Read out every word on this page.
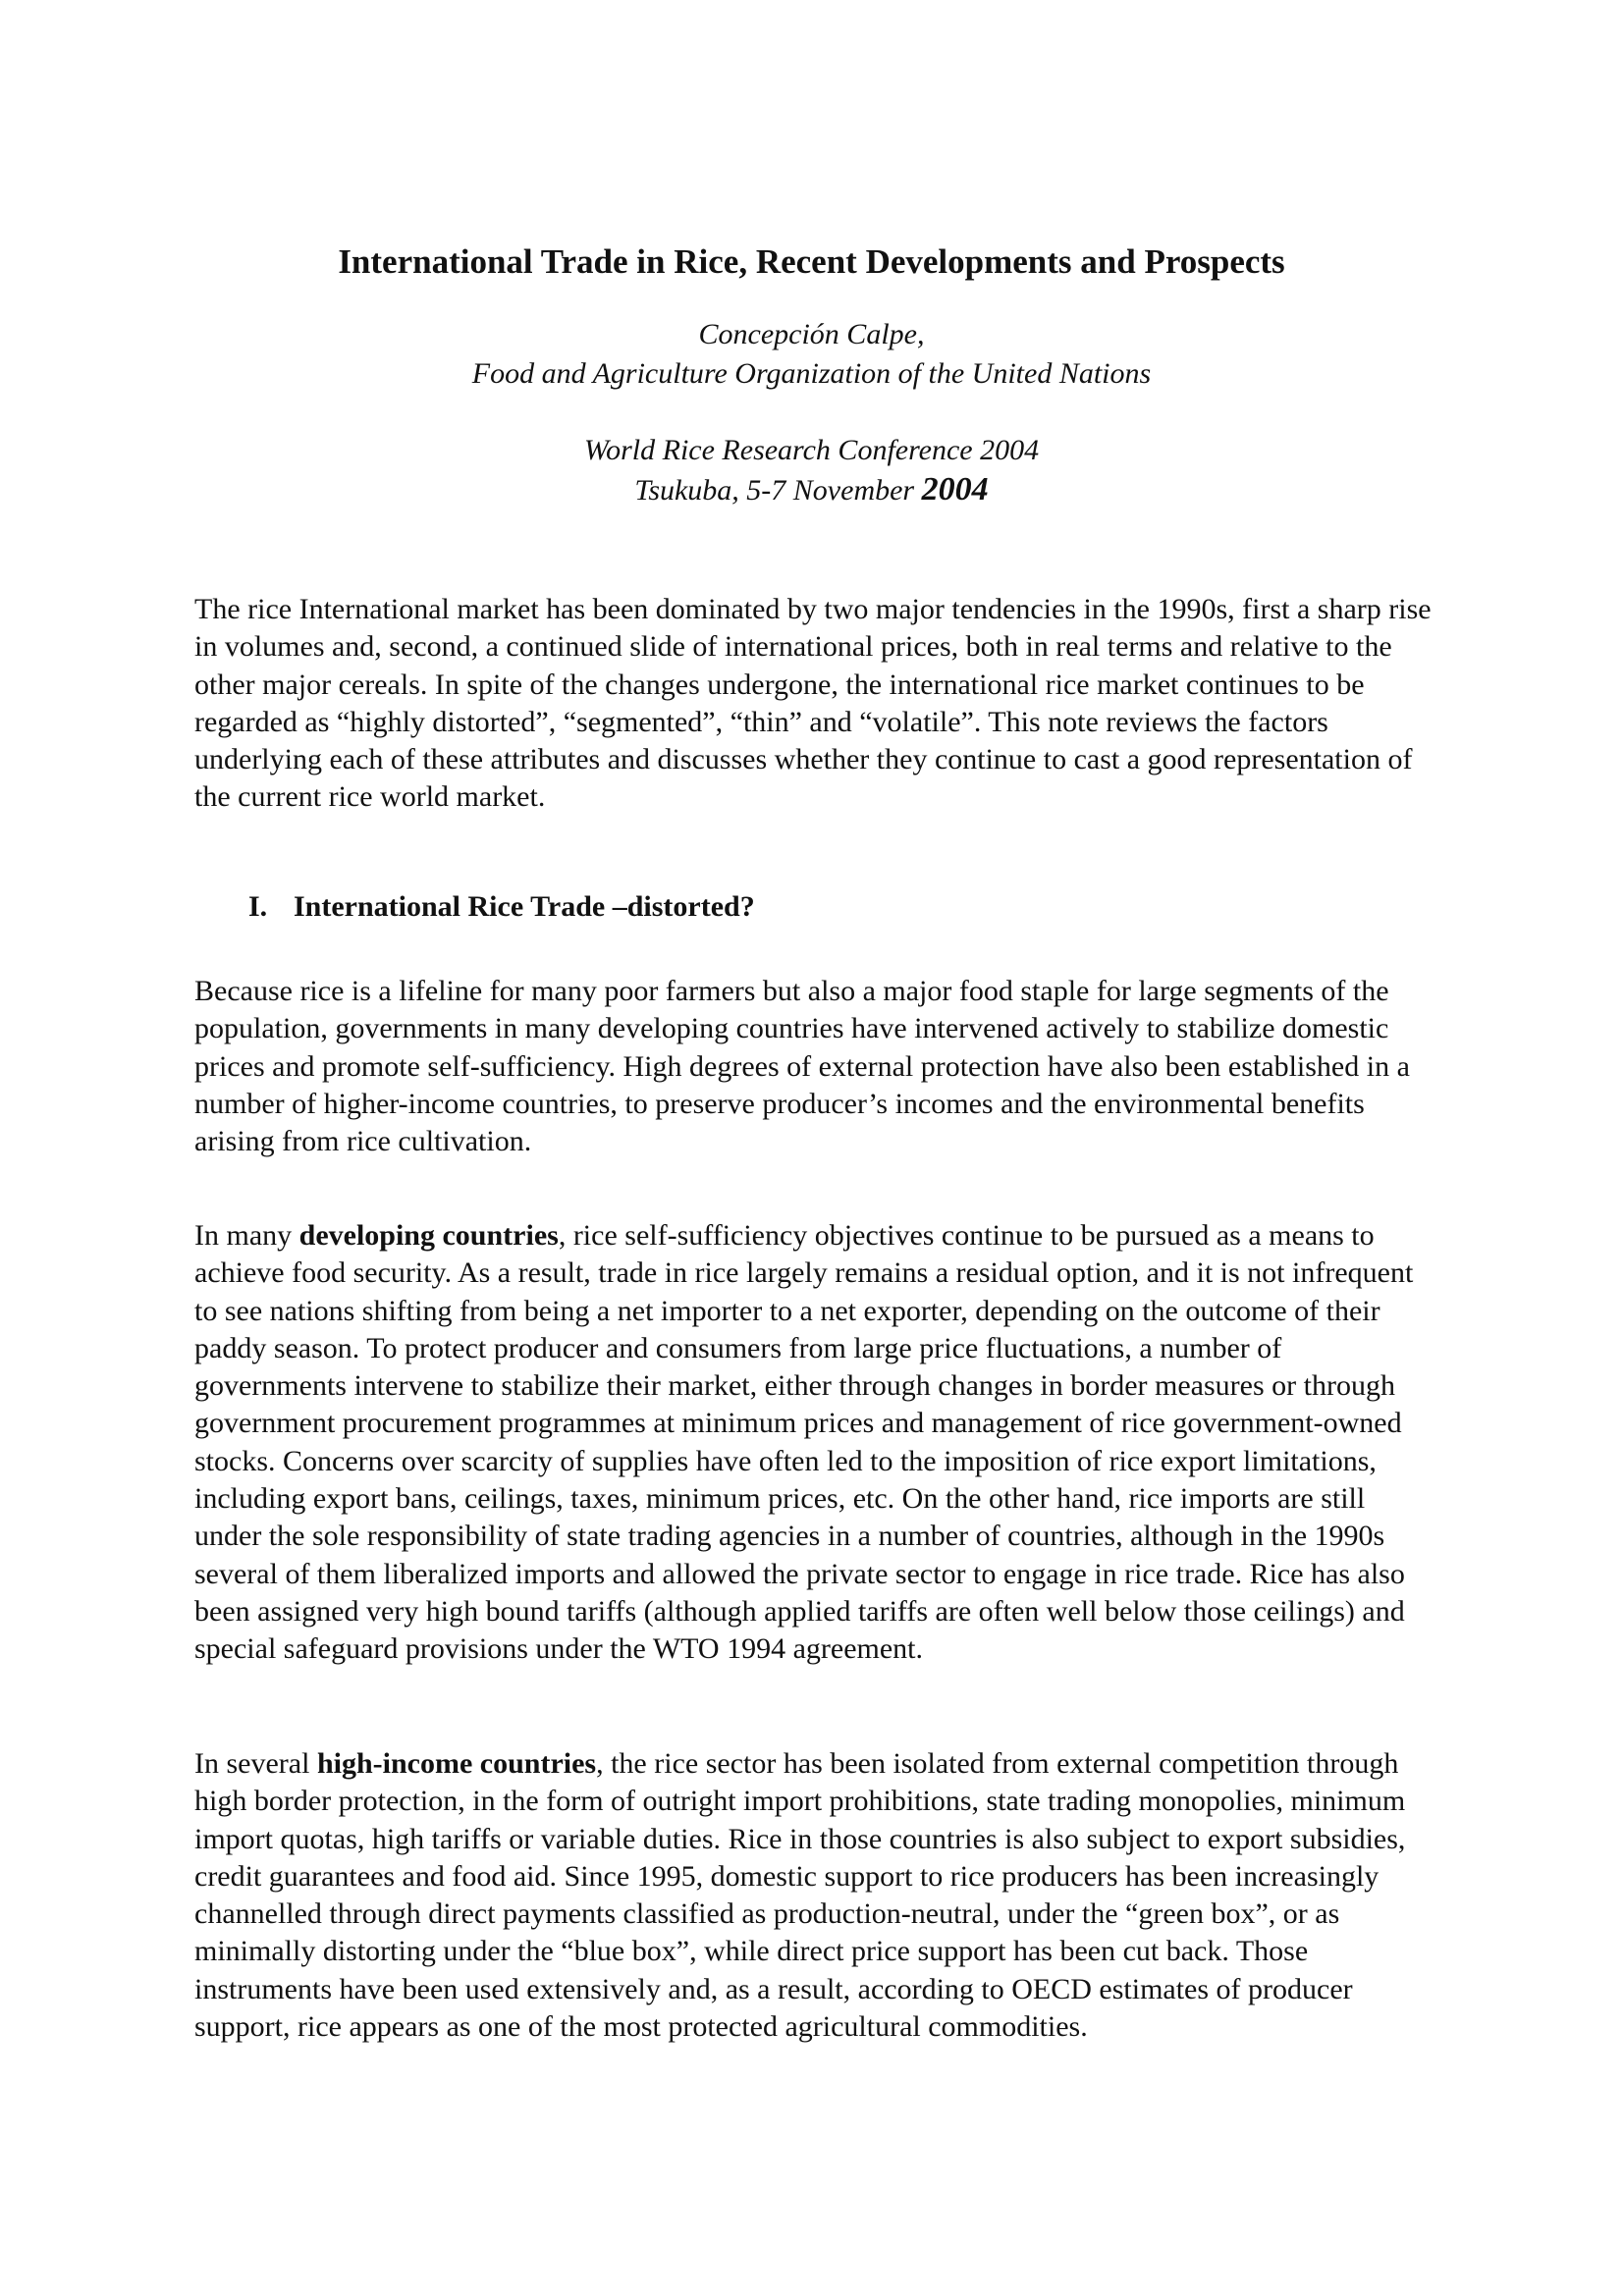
International Trade in Rice, Recent Developments and Prospects
Concepción Calpe,
Food and Agriculture Organization of the United Nations
World Rice Research Conference 2004
Tsukuba, 5-7 November 2004

The rice International market has been dominated by two major tendencies in the 1990s, first a sharp rise in volumes and, second, a continued slide of international prices, both in real terms and relative to the other major cereals. In spite of the changes undergone, the international rice market continues to be regarded as “highly distorted”, “segmented”, “thin” and “volatile”. This note reviews the factors underlying each of these attributes and discusses whether they continue to cast a good representation of the current rice world market.

I. International Rice Trade –distorted?

Because rice is a lifeline for many poor farmers but also a major food staple for large segments of the population, governments in many developing countries have intervened actively to stabilize domestic prices and promote self-sufficiency. High degrees of external protection have also been established in a number of higher-income countries, to preserve producer’s incomes and the environmental benefits arising from rice cultivation.

In many developing countries, rice self-sufficiency objectives continue to be pursued as a means to achieve food security. As a result, trade in rice largely remains a residual option, and it is not infrequent to see nations shifting from being a net importer to a net exporter, depending on the outcome of their paddy season. To protect producer and consumers from large price fluctuations, a number of governments intervene to stabilize their market, either through changes in border measures or through government procurement programmes at minimum prices and management of rice government-owned stocks. Concerns over scarcity of supplies have often led to the imposition of rice export limitations, including export bans, ceilings, taxes, minimum prices, etc. On the other hand, rice imports are still under the sole responsibility of state trading agencies in a number of countries, although in the 1990s several of them liberalized imports and allowed the private sector to engage in rice trade. Rice has also been assigned very high bound tariffs (although applied tariffs are often well below those ceilings) and special safeguard provisions under the WTO 1994 agreement.

In several high-income countries, the rice sector has been isolated from external competition through high border protection, in the form of outright import prohibitions, state trading monopolies, minimum import quotas, high tariffs or variable duties. Rice in those countries is also subject to export subsidies, credit guarantees and food aid. Since 1995, domestic support to rice producers has been increasingly channelled through direct payments classified as production-neutral, under the “green box”, or as minimally distorting under the “blue box”, while direct price support has been cut back. Those instruments have been used extensively and, as a result, according to OECD estimates of producer support, rice appears as one of the most protected agricultural commodities.
